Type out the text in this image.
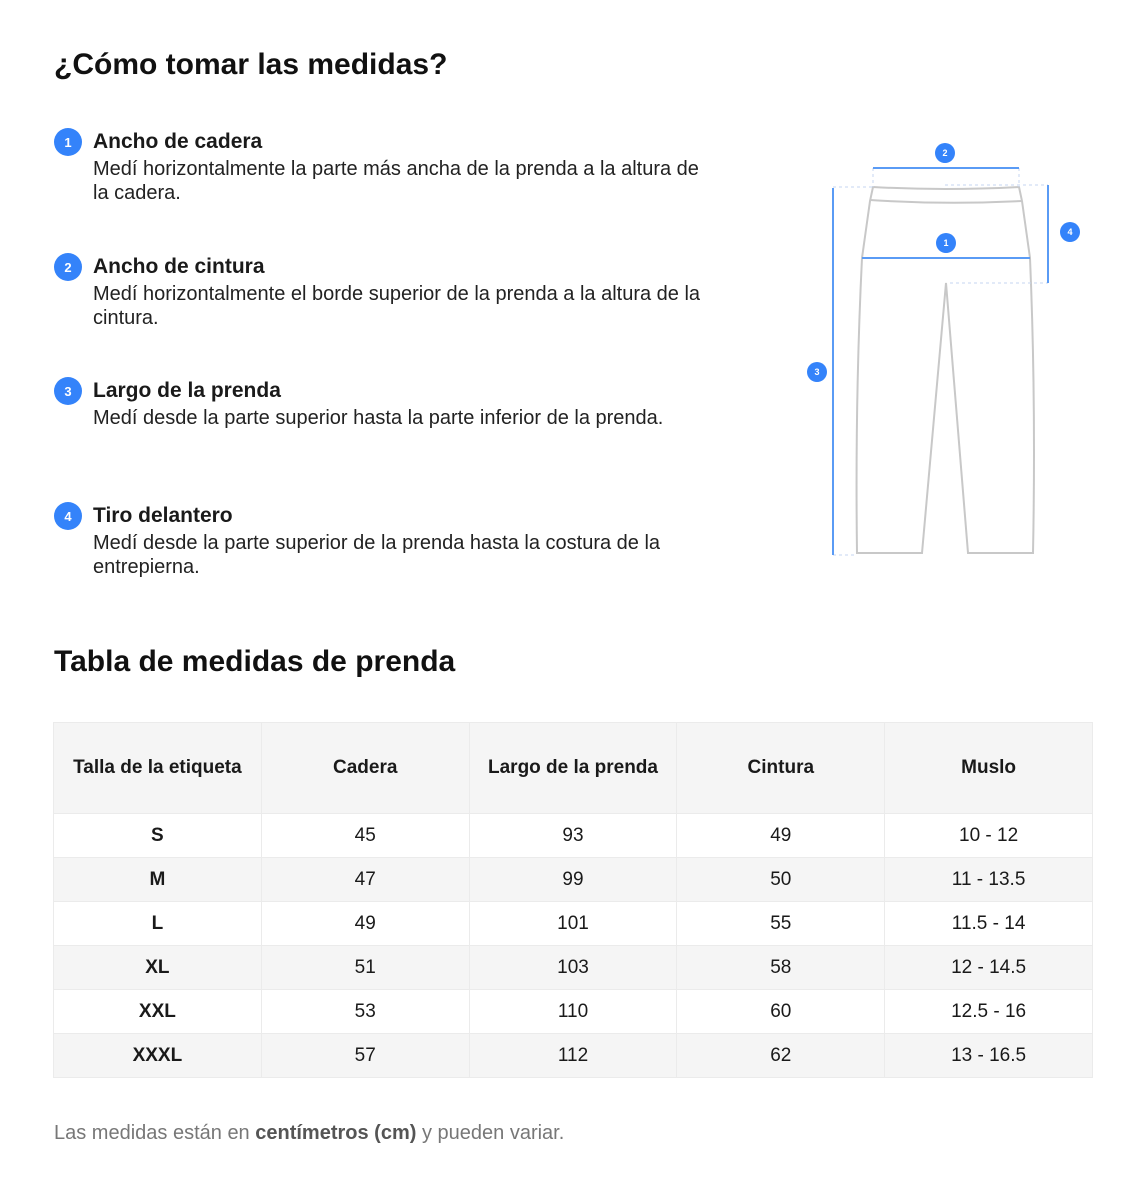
¿Cómo tomar las medidas?
1	Ancho de cadera
Medí horizontalmente la parte más ancha de la prenda a la altura de la cadera.
2	Ancho de cintura
Medí horizontalmente el borde superior de la prenda a la altura de la cintura.
3	Largo de la prenda
Medí desde la parte superior hasta la parte inferior de la prenda.
4	Tiro delantero
Medí desde la parte superior de la prenda hasta la costura de la entrepierna.
1
2
3
4
Tabla de medidas de prenda
Talla de la etiqueta	Cadera	Largo de la prenda	Cintura	Muslo
S	45	93	49	10 - 12
M	47	99	50	11 - 13.5
L	49	101	55	11.5 - 14
XL	51	103	58	12 - 14.5
XXL	53	110	60	12.5 - 16
XXXL	57	112	62	13 - 16.5
Las medidas están en centímetros (cm) y pueden variar.
